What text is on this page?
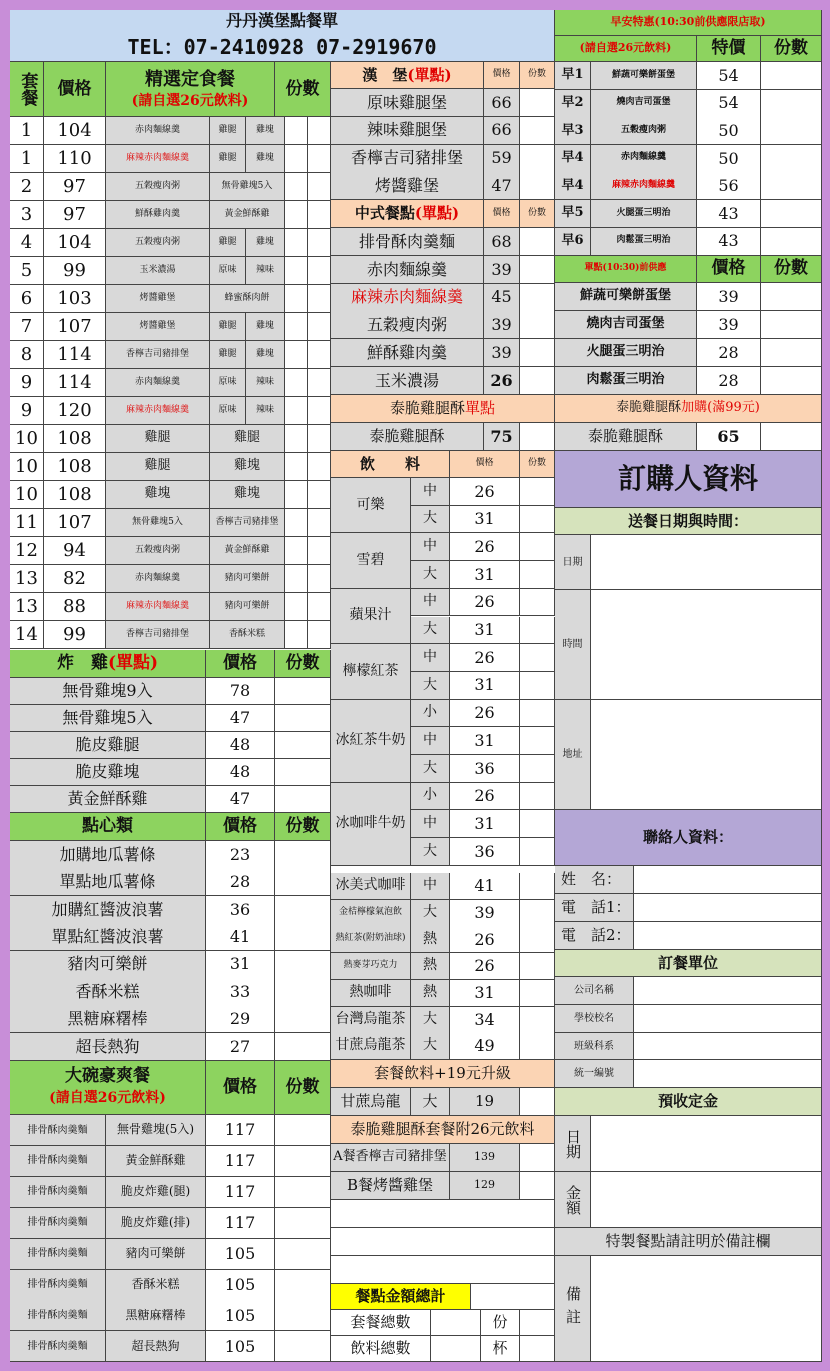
丹丹漢堡點餐單
TEL：07-2410928 07-2919670
早安特惠(10:30前供應限店取)
(請自選26元飲料)	特價	份數
套餐	價格	精選定食餐
(請自選26元飲料)
份數
炸　雞 (單點)	價格	份數
點心類	價格	份數
大碗豪爽餐
(請自選26元飲料)
價格	份數
漢　堡 (單點)	價格	份數
中式餐點 (單點)	價格	份數
泰脆雞腿酥 單點
泰脆雞腿酥	75
飲　　料	價格	份數
套餐飲料+19元升級
甘蔗烏龍	大	19
泰脆雞腿酥套餐附26元飲料
A餐香檸吉司豬排堡	139
B餐烤醬雞堡	129
餐點金額總計
套餐總數	份
飲料總數	杯
單點(10:30)前供應	價格	份數
泰脆雞腿酥 加購(滿99元)
泰脆雞腿酥	65
訂購人資料
送餐日期與時間：
日期
時間
地址
聯絡人資料：
姓　名：
電　話1：
電　話2：
訂餐單位
公司名稱
學校校名
班級科系
統一編號
預收定金
日期
金額
特製餐點請註明於備註欄
備註
1	104	赤肉麵線羹	雞腿	雞塊
1	110	麻辣赤肉麵線羹	雞腿	雞塊
2	97	五穀瘦肉粥	無骨雞塊5入
3	97	鮮酥雞肉羹	黃金鮮酥雞
4	104	五穀瘦肉粥	雞腿	雞塊
5	99	玉米濃湯	原味	辣味
6	103	烤醬雞堡	蜂蜜酥肉餅
7	107	烤醬雞堡	雞腿	雞塊
8	114	香檸吉司豬排堡	雞腿	雞塊
9	114	赤肉麵線羹	原味	辣味
9	120	麻辣赤肉麵線羹	原味	辣味
10	108	雞腿	雞腿
10	108	雞腿	雞塊
10	108	雞塊	雞塊
11	107	無骨雞塊5入	香檸吉司豬排堡
12	94	五穀瘦肉粥	黃金鮮酥雞
13	82	赤肉麵線羹	豬肉可樂餅
13	88	麻辣赤肉麵線羹	豬肉可樂餅
14	99	香檸吉司豬排堡	香酥米糕
無骨雞塊9入	78
無骨雞塊5入	47
脆皮雞腿	48
脆皮雞塊	48
黃金鮮酥雞	47
加購地瓜薯條	23
單點地瓜薯條	28
加購紅醬波浪薯	36
單點紅醬波浪薯	41
豬肉可樂餅	31
香酥米糕	33
黑糖麻糬棒	29
超長熱狗	27
排骨酥肉羹麵	無骨雞塊(5入)	117
排骨酥肉羹麵	黃金鮮酥雞	117
排骨酥肉羹麵	脆皮炸雞(腿)	117
排骨酥肉羹麵	脆皮炸雞(排)	117
排骨酥肉羹麵	豬肉可樂餅	105
排骨酥肉羹麵	香酥米糕	105
排骨酥肉羹麵	黑糖麻糬棒	105
排骨酥肉羹麵	超長熱狗	105
原味雞腿堡	66
辣味雞腿堡	66
香檸吉司豬排堡	59
烤醬雞堡	47
排骨酥肉羹麵	68
赤肉麵線羹	39
麻辣赤肉麵線羹	45
五穀瘦肉粥	39
鮮酥雞肉羹	39
玉米濃湯	26
可樂
中	26
大	31
雪碧
中	26
大	31
蘋果汁
中	26
大	31
檸檬紅茶
中	26
大	31
冰紅茶牛奶
小	26
中	31
大	36
冰咖啡牛奶
小	26
中	31
大	36
冰美式咖啡	中	41
金桔檸檬氣泡飲	大	39
熱紅茶(附奶油球)	熱	26
熱麥芽巧克力	熱	26
熱咖啡	熱	31
台灣烏龍茶	大	34
甘蔗烏龍茶	大	49
早1	鮮蔬可樂餅蛋堡	54
早2	燒肉吉司蛋堡	54
早3	五穀瘦肉粥	50
早4	赤肉麵線羹	50
早4	麻辣赤肉麵線羹	56
早5	火腿蛋三明治	43
早6	肉鬆蛋三明治	43
鮮蔬可樂餅蛋堡	39
燒肉吉司蛋堡	39
火腿蛋三明治	28
肉鬆蛋三明治	28
